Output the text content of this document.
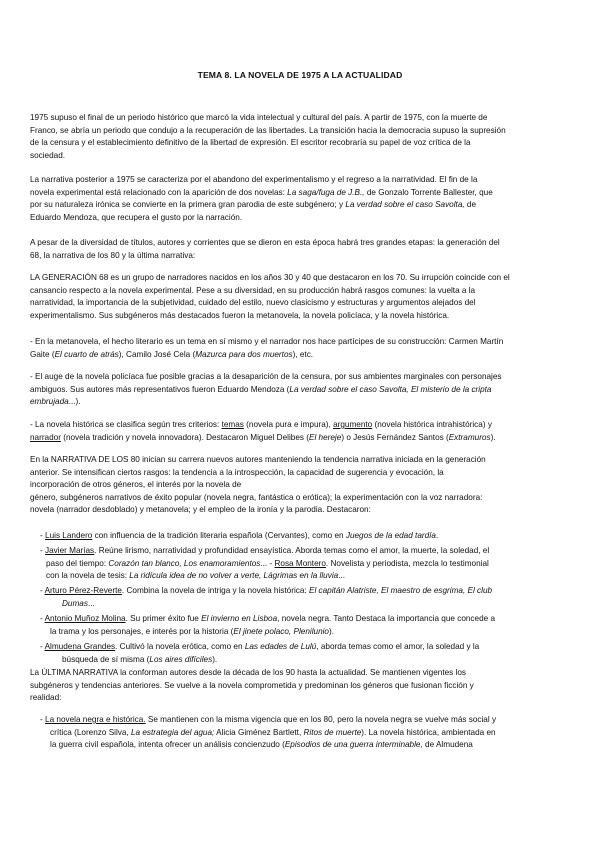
TEMA 8. LA NOVELA DE 1975 A LA ACTUALIDAD
1975 supuso el final de un periodo histórico que marcó la vida intelectual y cultural del país. A partir de 1975, con la muerte de
Franco, se abría un periodo que condujo a la recuperación de las libertades. La transición hacia la democracia supuso la supresión
de la censura y el establecimiento definitivo de la libertad de expresión. El escritor recobraría su papel de voz crítica de la
sociedad.
La narrativa posterior a 1975 se caracteriza por el abandono del experimentalismo y el regreso a la narratividad. El fin de la
novela experimental está relacionado con la aparición de dos novelas: La saga/fuga de J.B., de Gonzalo Torrente Ballester, que
por su naturaleza irónica se convierte en la primera gran parodia de este subgénero; y La verdad sobre el caso Savolta, de
Eduardo Mendoza, que recupera el gusto por la narración.
A pesar de la diversidad de títulos, autores y corrientes que se dieron en esta época habrá tres grandes etapas: la generación del
68, la narrativa de los 80 y la última narrativa:
LA GENERACIÓN 68 es un grupo de narradores nacidos en los años 30 y 40 que destacaron en los 70. Su irrupción coincide con el
cansancio respecto a la novela experimental. Pese a su diversidad, en su producción habrá rasgos comunes: la vuelta a la
narratividad, la importancia de la subjetividad, cuidado del estilo, nuevo clasicismo y estructuras y argumentos alejados del
experimentalismo. Sus subgéneros más destacados fueron la metanovela, la novela policíaca, y la novela histórica.
- En la metanovela, el hecho literario es un tema en sí mismo y el narrador nos hace partícipes de su construcción: Carmen Martín
Gaite (El cuarto de atrás), Camilo José Cela (Mazurca para dos muertos), etc.
- El auge de la novela policíaca fue posible gracias a la desaparición de la censura, por sus ambientes marginales con personajes
ambiguos. Sus autores más representativos fueron Eduardo Mendoza (La verdad sobre el caso Savolta, El misterio de la cripta
embrujada...).
- La novela histórica se clasifica según tres criterios: temas (novela pura e impura), argumento (novela histórica intrahistórica) y
narrador (novela tradición y novela innovadora). Destacaron Miguel Delibes (El hereje) o Jesús Fernández Santos (Extramuros).
En la NARRATIVA DE LOS 80 inician su carrera nuevos autores manteniendo la tendencia narrativa iniciada en la generación
anterior. Se intensifican ciertos rasgos: la tendencia a la introspección, la capacidad de sugerencia y evocación, la
incorporación de otros géneros, el interés por la novela de
género, subgéneros narrativos de éxito popular (novela negra, fantástica o erótica); la experimentación con la voz narradora:
novela (narrador desdoblado) y metanovela; y el empleo de la ironía y la parodia. Destacaron:
- Luis Landero con influencia de la tradición literaria española (Cervantes), como en Juegos de la edad tardía.
- Javier Marías. Reúne lirismo, narratividad y profundidad ensayística. Aborda temas como el amor, la muerte, la soledad, el
paso del tiempo: Corazón tan blanco, Los enamoramientos... - Rosa Montero. Novelista y periodista, mezcla lo testimonial
con la novela de tesis: La ridícula idea de no volver a verte, Lágrimas en la lluvia...
- Arturo Pérez-Reverte. Combina la novela de intriga y la novela histórica: El capitán Alatriste, El maestro de esgrima, El club
Dumas...
- Antonio Muñoz Molina. Su primer éxito fue El invierno en Lisboa, novela negra. Tanto Destaca la importancia que concede a
la trama y los personajes, e interés por la historia (El jinete polaco, Plenilunio).
- Almudena Grandes. Cultivó la novela erótica, como en Las edades de Lulú, aborda temas como el amor, la soledad y la
búsqueda de sí misma (Los aires difíciles).
La ÚLTIMA NARRATIVA la conforman autores desde la década de los 90 hasta la actualidad. Se mantienen vigentes los
subgéneros y tendencias anteriores. Se vuelve a la novela comprometida y predominan los géneros que fusionan ficción y
realidad:
- La novela negra e histórica. Se mantienen con la misma vigencia que en los 80, pero la novela negra se vuelve más social y
crítica (Lorenzo Silva, La estrategia del agua; Alicia Giménez Bartlett, Ritos de muerte). La novela histórica, ambientada en
la guerra civil española, intenta ofrecer un análisis concienzudo (Episodios de una guerra interminable, de Almudena
